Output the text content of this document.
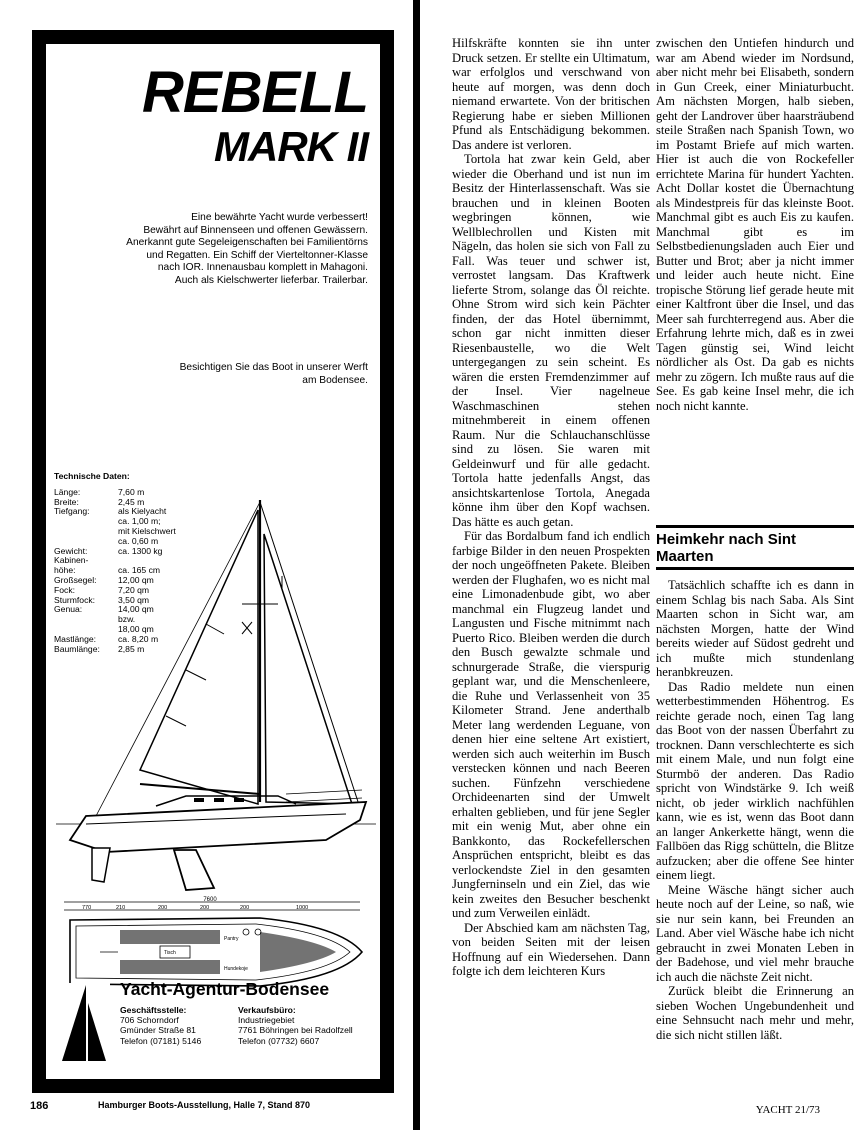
REBELL
MARK II
Eine bewährte Yacht wurde verbessert!
Bewährt auf Binnenseen und offenen Gewässern.
Anerkannt gute Segeleigenschaften bei Familientörns
und Regatten. Ein Schiff der Vierteltonner-Klasse
nach IOR. Innenausbau komplett in Mahagoni.
Auch als Kielschwerter lieferbar. Trailerbar.
Besichtigen Sie das Boot in unserer Werft
am Bodensee.
Technische Daten:
Länge:	7,60 m
Breite:	2,45 m
Tiefgang:	als Kielyacht
ca. 1,00 m;
mit Kielschwert
ca. 0,60 m
Gewicht:	ca. 1300 kg
Kabinen-
höhe:	
ca. 165 cm
Großsegel:	12,00 qm
Fock:	7,20 qm
Sturmfock:	3,50 qm
Genua:	14,00 qm
bzw.
18,00 qm
Mastlänge:	ca. 8,20 m
Baumlänge:	2,85 m
7600
770	210	200	200	200	1000
Tisch
Pantry
Hundekoje
Yacht-Agentur-Bodensee
Geschäftsstelle:
706 Schorndorf
Gmünder Straße 81
Telefon (07181) 5146
Verkaufsbüro:
Industriegebiet
7761 Böhringen bei Radolfzell
Telefon (07732) 6607
186	Hamburger Boots-Ausstellung, Halle 7, Stand 870

Hilfskräfte konnten sie ihn unter Druck setzen. Er stellte ein Ultimatum, war erfolglos und verschwand von heute auf morgen, was denn doch niemand erwartete. Von der britischen Regierung habe er sieben Millionen Pfund als Entschädigung bekommen. Das andere ist verloren.

Tortola hat zwar kein Geld, aber wieder die Oberhand und ist nun im Besitz der Hinterlassenschaft. Was sie brauchen und in kleinen Booten wegbringen können, wie Wellblechrollen und Kisten mit Nägeln, das holen sie sich von Fall zu Fall. Was teuer und schwer ist, verrostet langsam. Das Kraftwerk lieferte Strom, solange das Öl reichte. Ohne Strom wird sich kein Pächter finden, der das Hotel übernimmt, schon gar nicht inmitten dieser Riesenbaustelle, wo die Welt untergegangen zu sein scheint. Es wären die ersten Fremdenzimmer auf der Insel. Vier nagelneue Waschmaschinen stehen mitnehmbereit in einem offenen Raum. Nur die Schlauchanschlüsse sind zu lösen. Sie waren mit Geldeinwurf und für alle gedacht. Tortola hatte jedenfalls Angst, das ansichtskartenlose Tortola, Anegada könne ihm über den Kopf wachsen. Das hätte es auch getan.

Für das Bordalbum fand ich endlich farbige Bilder in den neuen Prospekten der noch ungeöffneten Pakete. Bleiben werden der Flughafen, wo es nicht mal eine Limonadenbude gibt, wo aber manchmal ein Flugzeug landet und Langusten und Fische mitnimmt nach Puerto Rico. Bleiben werden die durch den Busch gewalzte schmale und schnurgerade Straße, die vierspurig geplant war, und die Menschenleere, die Ruhe und Verlassenheit von 35 Kilometer Strand. Jene anderthalb Meter lang werdenden Leguane, von denen hier eine seltene Art existiert, werden sich auch weiterhin im Busch verstecken können und nach Beeren suchen. Fünfzehn verschiedene Orchideenarten sind der Umwelt erhalten geblieben, und für jene Segler mit ein wenig Mut, aber ohne ein Bankkonto, das Rockefellerschen Ansprüchen entspricht, bleibt es das verlockendste Ziel in den gesamten Jungferninseln und ein Ziel, das wie kein zweites den Besucher beschenkt und zum Verweilen einlädt.

Der Abschied kam am nächsten Tag, von beiden Seiten mit der leisen Hoffnung auf ein Wiedersehen. Dann folgte ich dem leichteren Kurs

zwischen den Untiefen hindurch und war am Abend wieder im Nordsund, aber nicht mehr bei Elisabeth, sondern in Gun Creek, einer Miniaturbucht. Am nächsten Morgen, halb sieben, geht der Landrover über haarsträubend steile Straßen nach Spanish Town, wo im Postamt Briefe auf mich warten. Hier ist auch die von Rockefeller errichtete Marina für hundert Yachten. Acht Dollar kostet die Übernachtung als Mindestpreis für das kleinste Boot. Manchmal gibt es auch Eis zu kaufen. Manchmal gibt es im Selbstbedienungsladen auch Eier und Butter und Brot; aber ja nicht immer und leider auch heute nicht. Eine tropische Störung lief gerade heute mit einer Kaltfront über die Insel, und das Meer sah furchterregend aus. Aber die Erfahrung lehrte mich, daß es in zwei Tagen günstig sei, Wind leicht nördlicher als Ost. Da gab es nichts mehr zu zögern. Ich mußte raus auf die See. Es gab keine Insel mehr, die ich noch nicht kannte.

Heimkehr nach Sint Maarten

Tatsächlich schaffte ich es dann in einem Schlag bis nach Saba. Als Sint Maarten schon in Sicht war, am nächsten Morgen, hatte der Wind bereits wieder auf Südost gedreht und ich mußte mich stundenlang heranbkreuzen.

Das Radio meldete nun einen wetterbestimmenden Höhentrog. Es reichte gerade noch, einen Tag lang das Boot von der nassen Überfahrt zu trocknen. Dann verschlechterte es sich mit einem Male, und nun folgt eine Sturmbö der anderen. Das Radio spricht von Windstärke 9. Ich weiß nicht, ob jeder wirklich nachfühlen kann, wie es ist, wenn das Boot dann an langer Ankerkette hängt, wenn die Fallböen das Rigg schütteln, die Blitze aufzucken; aber die offene See hinter einem liegt.

Meine Wäsche hängt sicher auch heute noch auf der Leine, so naß, wie sie nur sein kann, bei Freunden an Land. Aber viel Wäsche habe ich nicht gebraucht in zwei Monaten Leben in der Badehose, und viel mehr brauche ich auch die nächste Zeit nicht.

Zurück bleibt die Erinnerung an sieben Wochen Ungebundenheit und eine Sehnsucht nach mehr und mehr, die sich nicht stillen läßt.

YACHT 21/73
